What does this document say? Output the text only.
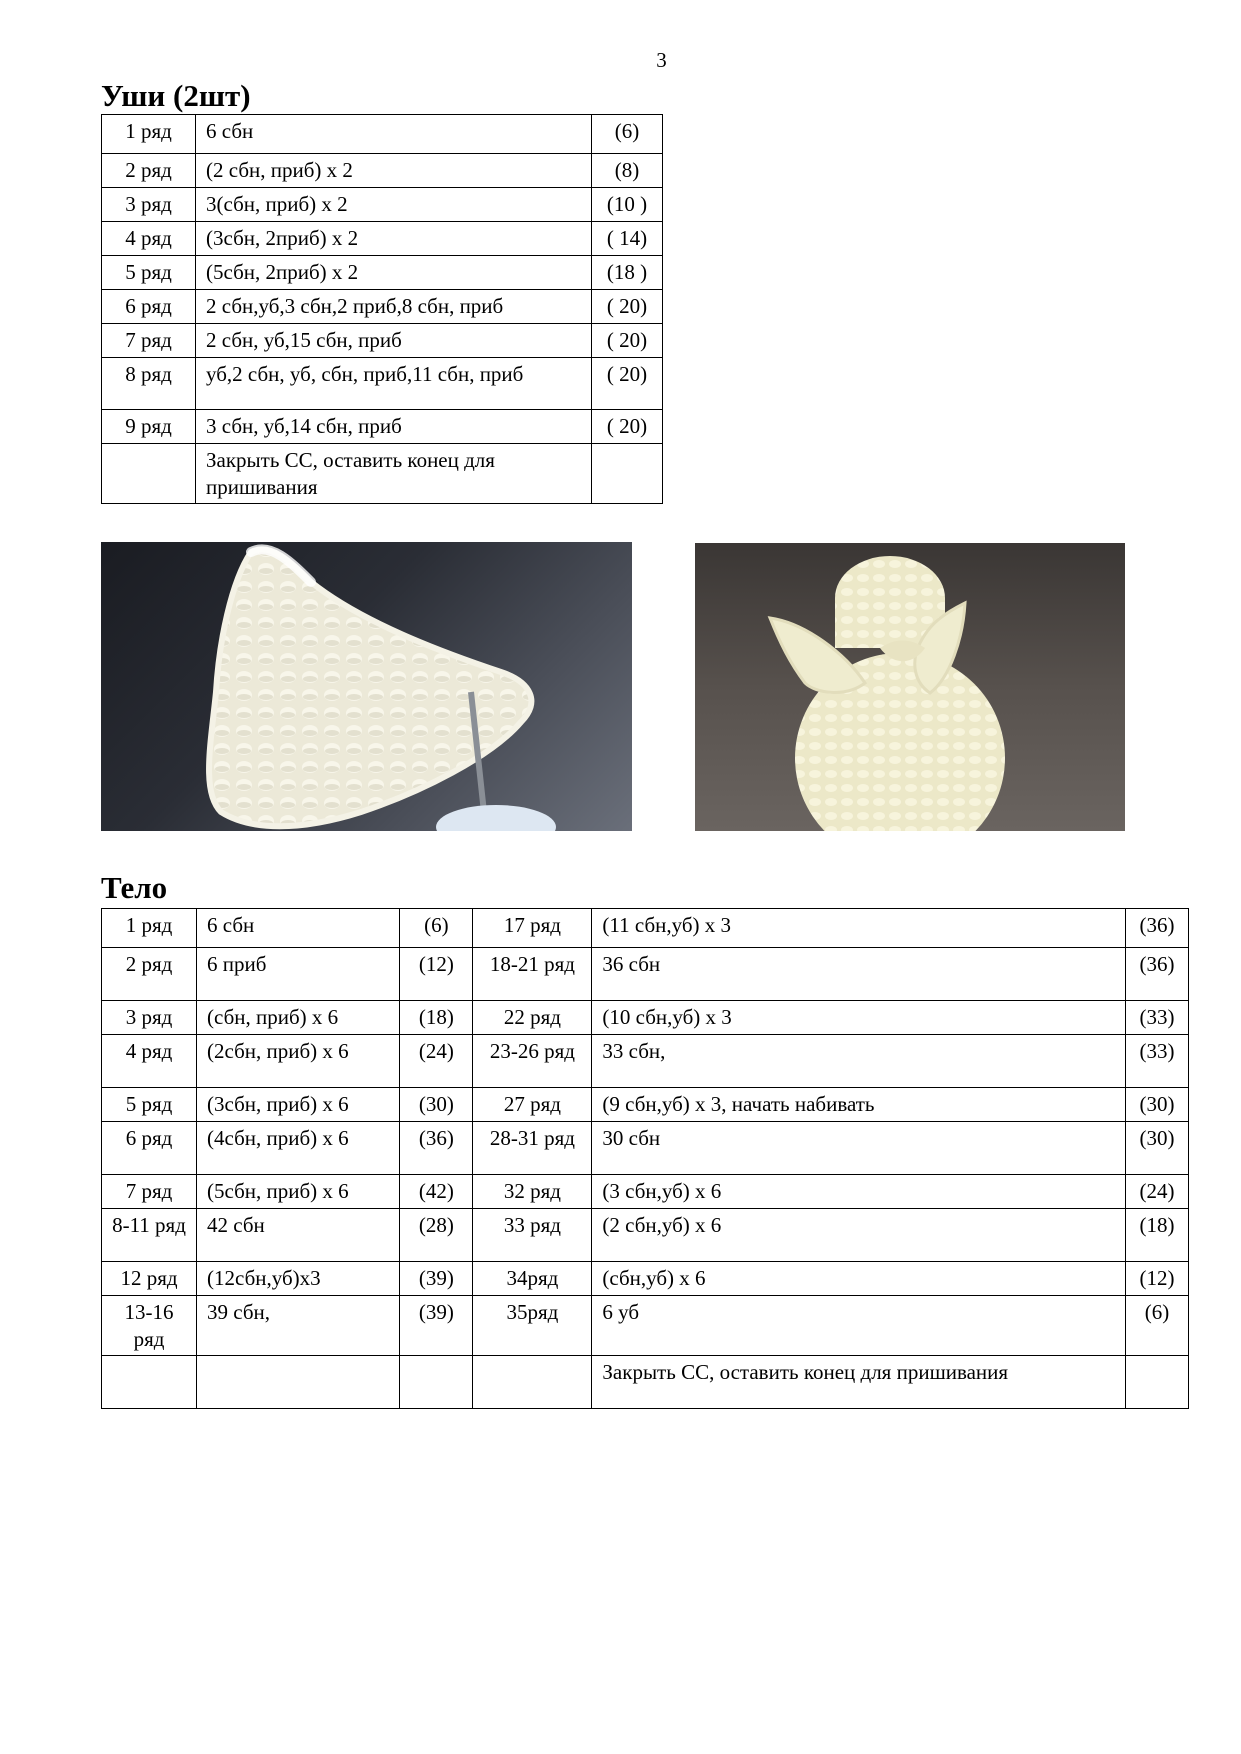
3
Уши (2шт)
1 ряд	6 сбн	(6)
2 ряд	(2 сбн, приб) х 2	(8)
3 ряд	3(сбн, приб) х 2	(10 )
4 ряд	(3сбн, 2приб) х 2	( 14)
5 ряд	(5сбн, 2приб) х 2	(18 )
6 ряд	2 сбн,уб,3 сбн,2 приб,8 сбн, приб	( 20)
7 ряд	2 сбн, уб,15 сбн, приб	( 20)
8 ряд	уб,2 сбн, уб, сбн, приб,11 сбн, приб	( 20)
9 ряд	3 сбн, уб,14 сбн, приб	( 20)
	Закрыть СС, оставить конец для пришивания	
Тело
1 ряд	6 сбн	(6)	17 ряд	(11 сбн,уб) х 3	(36)
2 ряд	6 приб	(12)	18-21 ряд	36 сбн	(36)
3 ряд	(сбн, приб) х 6	(18)	22 ряд	(10 сбн,уб) х 3	(33)
4 ряд	(2сбн, приб) х 6	(24)	23-26 ряд	33 сбн,	(33)
5 ряд	(3сбн, приб) х 6	(30)	27 ряд	(9 сбн,уб) х 3, начать набивать	(30)
6 ряд	(4сбн, приб) х 6	(36)	28-31 ряд	30 сбн	(30)
7 ряд	(5сбн, приб) х 6	(42)	32 ряд	(3 сбн,уб) х 6	(24)
8-11 ряд	42 сбн	(28)	33 ряд	(2 сбн,уб) х 6	(18)
12 ряд	(12сбн,уб)х3	(39)	34ряд	(сбн,уб) х 6	(12)
13-16 ряд	39 сбн,	(39)	35ряд	6 уб	(6)
				Закрыть СС, оставить конец для пришивания	
